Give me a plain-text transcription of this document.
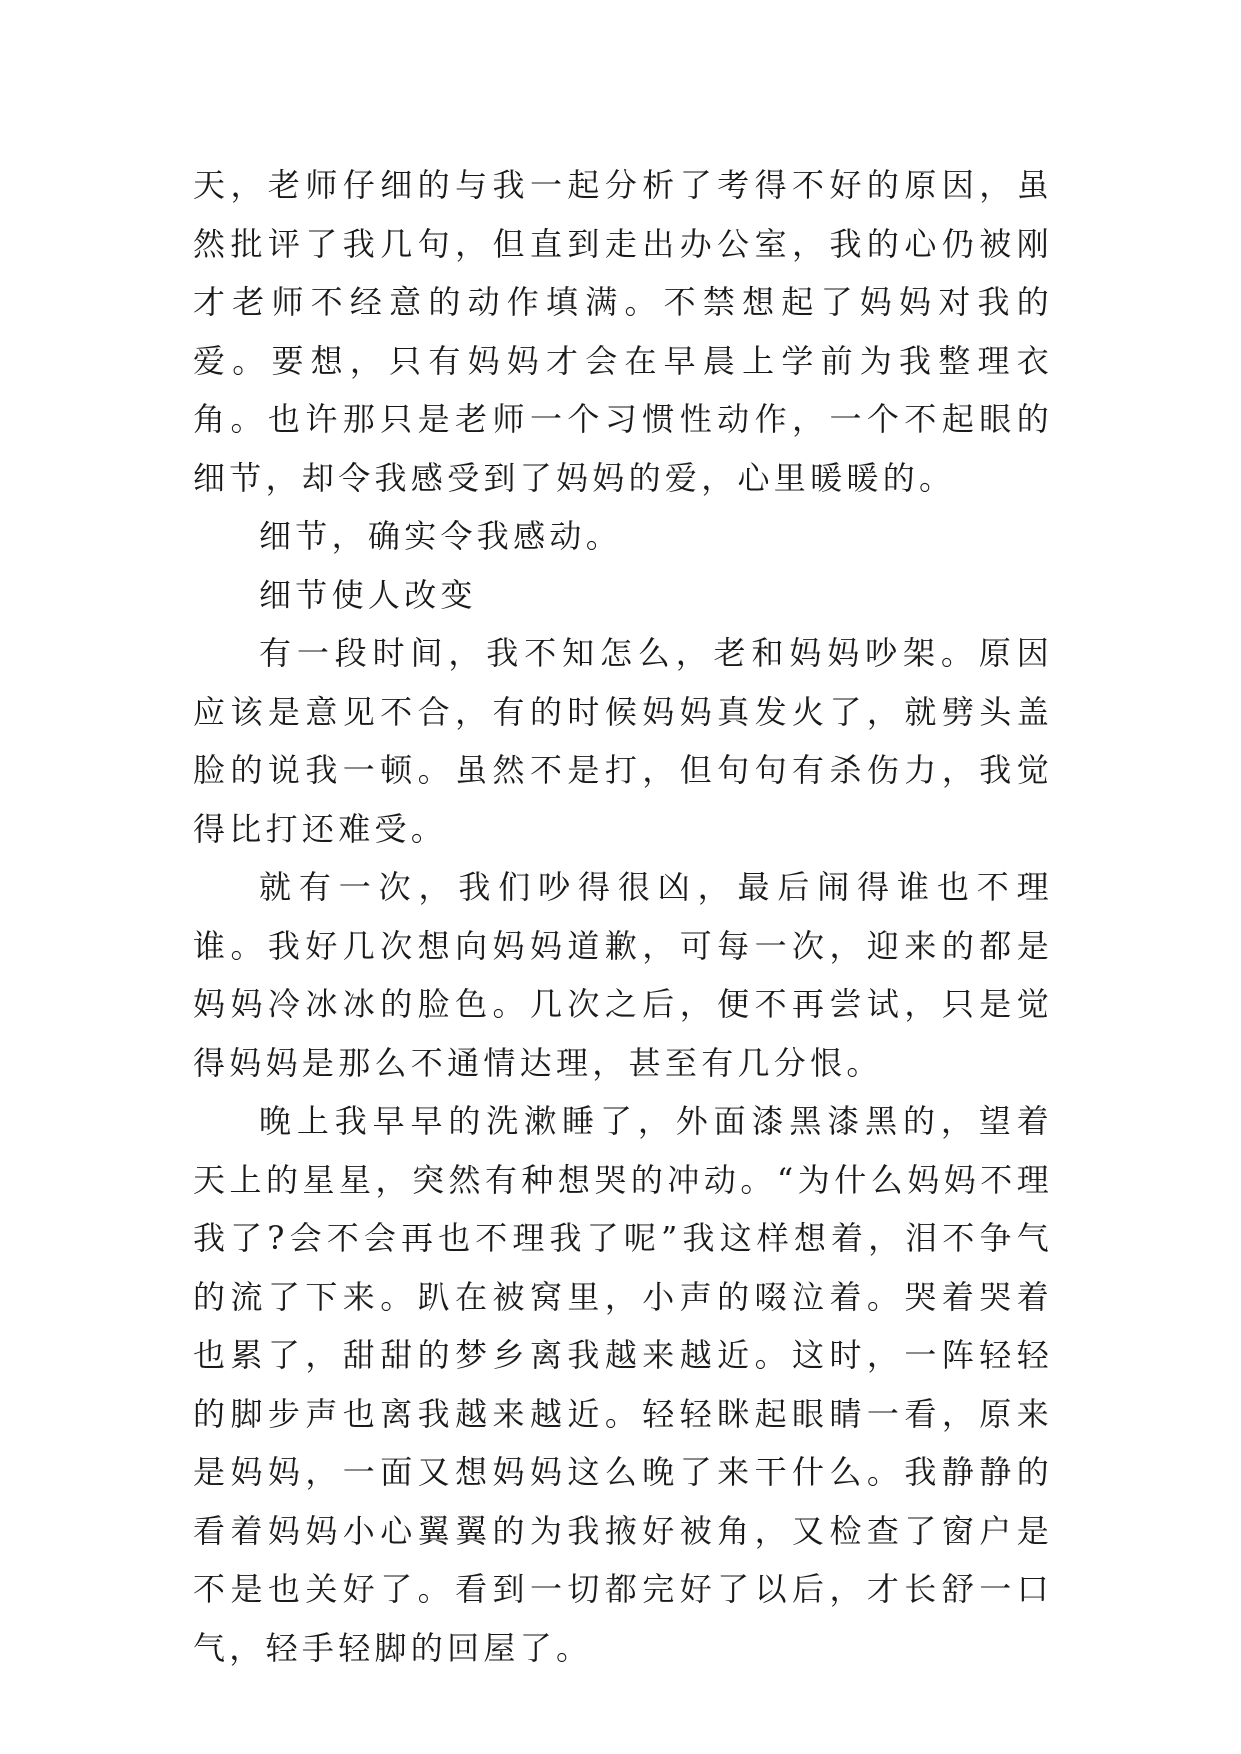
天，老师仔细的与我一起分析了考得不好的原因，虽然批评了我几句，但直到走出办公室，我的心仍被刚才老师不经意的动作填满。不禁想起了妈妈对我的爱。要想，只有妈妈才会在早晨上学前为我整理衣角。也许那只是老师一个习惯性动作，一个不起眼的细节，却令我感受到了妈妈的爱，心里暖暖的。

细节，确实令我感动。

细节使人改变

有一段时间，我不知怎么，老和妈妈吵架。原因应该是意见不合，有的时候妈妈真发火了，就劈头盖脸的说我一顿。虽然不是打，但句句有杀伤力，我觉得比打还难受。

就有一次，我们吵得很凶，最后闹得谁也不理谁。我好几次想向妈妈道歉，可每一次，迎来的都是妈妈冷冰冰的脸色。几次之后，便不再尝试，只是觉得妈妈是那么不通情达理，甚至有几分恨。

晚上我早早的洗漱睡了，外面漆黑漆黑的，望着天上的星星，突然有种想哭的冲动。“为什么妈妈不理我了?会不会再也不理我了呢”我这样想着，泪不争气的流了下来。趴在被窝里，小声的啜泣着。哭着哭着也累了，甜甜的梦乡离我越来越近。这时，一阵轻轻的脚步声也离我越来越近。轻轻眯起眼睛一看，原来是妈妈，一面又想妈妈这么晚了来干什么。我静静的看着妈妈小心翼翼的为我掖好被角，又检查了窗户是不是也关好了。看到一切都完好了以后，才长舒一口气，轻手轻脚的回屋了。
